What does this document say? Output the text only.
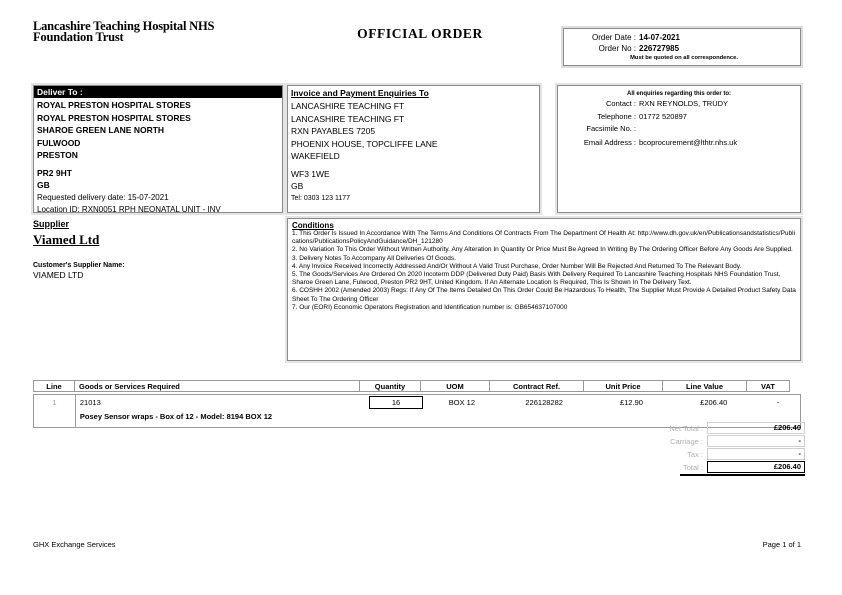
Lancashire Teaching Hospital NHS
Foundation Trust	OFFICIAL ORDER	Order Date : 14-07-2021
Order No : 226727985
Must be quoted on all correspondence.
Deliver To :
ROYAL PRESTON HOSPITAL STORES
ROYAL PRESTON HOSPITAL STORES
SHAROE GREEN LANE NORTH
FULWOOD
PRESTON
PR2 9HT
GB
Requested delivery date: 15-07-2021
Location ID: RXN0051 RPH NEONATAL UNIT - INV
Invoice and Payment Enquiries To
LANCASHIRE TEACHING FT
LANCASHIRE TEACHING FT
RXN PAYABLES 7205
PHOENIX HOUSE, TOPCLIFFE LANE
WAKEFIELD
WF3 1WE
GB
Tel: 0303 123 1177
All enquiries regarding this order to:
Contact : RXN REYNOLDS, TRUDY
Telephone : 01772 520897
Facsimile No. :
Email Address : bcoprocurement@lthtr.nhs.uk
Supplier
Viamed Ltd
Customer's Supplier Name:
VIAMED LTD
Conditions
1. This Order Is Issued In Accordance With The Terms And Conditions Of Contracts From The Department Of Health At: http://www.dh.gov.uk/en/Publicationsandstatistics/Publications/PublicationsPolicyAndGuidance/DH_121280
2. No Variation To This Order Without Written Authority. Any Alteration In Quantity Or Price Must Be Agreed In Writing By The Ordering Officer Before Any Goods Are Supplied.
3. Delivery Notes To Accompany All Deliveries Of Goods.
4. Any Invoice Received Incorrectly Addressed And/Or Without A Valid Trust Purchase, Order Number Will Be Rejected And Returned To The Relevant Body.
5. The Goods/Services Are Ordered On 2020 Incoterm DDP (Delivered Duty Paid) Basis With Delivery Required To Lancashire Teaching Hospitals NHS Foundation Trust, Sharoe Green Lane, Fulwood, Preston PR2 9HT, United Kingdom. If An Alternate Location Is Required, This Is Shown In The Delivery Text.
6. COSHH 2002 (Amended 2003) Regs: If Any Of The Items Detailed On This Order Could Be Hazardous To Health, The Supplier Must Provide A Detailed Product Safety Data Sheet To The Ordering Officer
7. Our (EORI) Economic Operators Registration and Identification number is: GB654637107000
Line	Goods or Services Required	Quantity	UOM	Contract Ref.	Unit Price	Line Value	VAT
1	21013
Posey Sensor wraps - Box of 12 - Model: 8194 BOX 12
16	BOX 12	226128282	£12.90	£206.40	-
Net Total :	£206.40
Carriage :	-
Tax :	-
Total :	£206.40
GHX Exchange Services	Page 1 of 1
